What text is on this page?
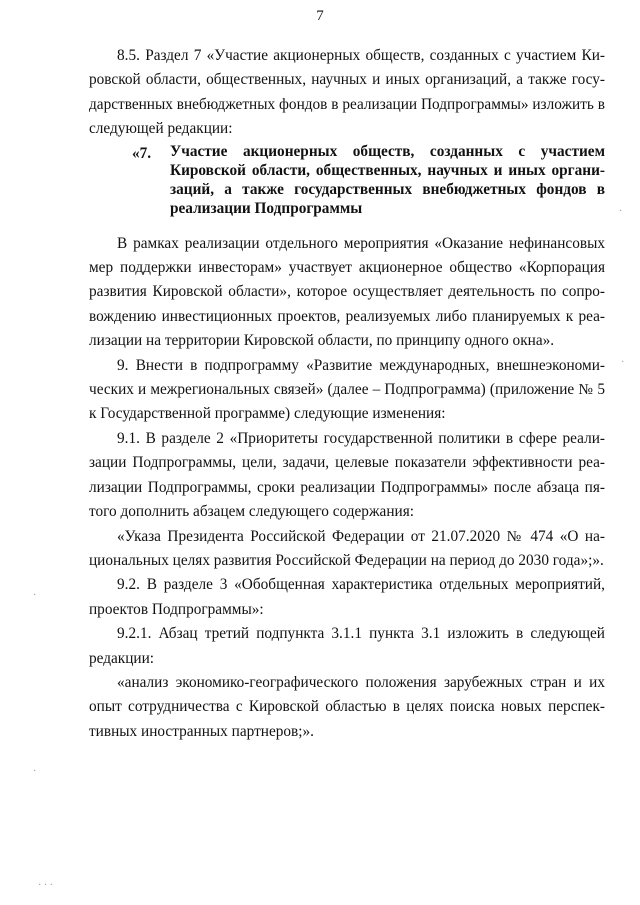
7
8.5. Раздел 7 «Участие акционерных обществ, созданных с участием Ки-
ровской области, общественных, научных и иных организаций, а также госу-
дарственных внебюджетных фондов в реализации Подпрограммы» изложить в
следующей редакции:
«7. Участие акционерных обществ, созданных с участием
Кировской области, общественных, научных и иных органи-
заций, а также государственных внебюджетных фондов в
реализации Подпрограммы
В рамках реализации отдельного мероприятия «Оказание нефинансовых
мер поддержки инвесторам» участвует акционерное общество «Корпорация
развития Кировской области», которое осуществляет деятельность по сопро-
вождению инвестиционных проектов, реализуемых либо планируемых к реа-
лизации на территории Кировской области, по принципу одного окна».
9. Внести в подпрограмму «Развитие международных, внешнеэкономи-
ческих и межрегиональных связей» (далее – Подпрограмма) (приложение № 5
к Государственной программе) следующие изменения:
9.1. В разделе 2 «Приоритеты государственной политики в сфере реали-
зации Подпрограммы, цели, задачи, целевые показатели эффективности реа-
лизации Подпрограммы, сроки реализации Подпрограммы» после абзаца пя-
того дополнить абзацем следующего содержания:
«Указа Президента Российской Федерации от 21.07.2020 № 474 «О на-
циональных целях развития Российской Федерации на период до 2030 года»;».
9.2. В разделе 3 «Обобщенная характеристика отдельных мероприятий,
проектов Подпрограммы»:
9.2.1. Абзац третий подпункта 3.1.1 пункта 3.1 изложить в следующей
редакции:
«анализ экономико-географического положения зарубежных стран и их
опыт сотрудничества с Кировской областью в целях поиска новых перспек-
тивных иностранных партнеров;».
·
·
·
·
· · ·
